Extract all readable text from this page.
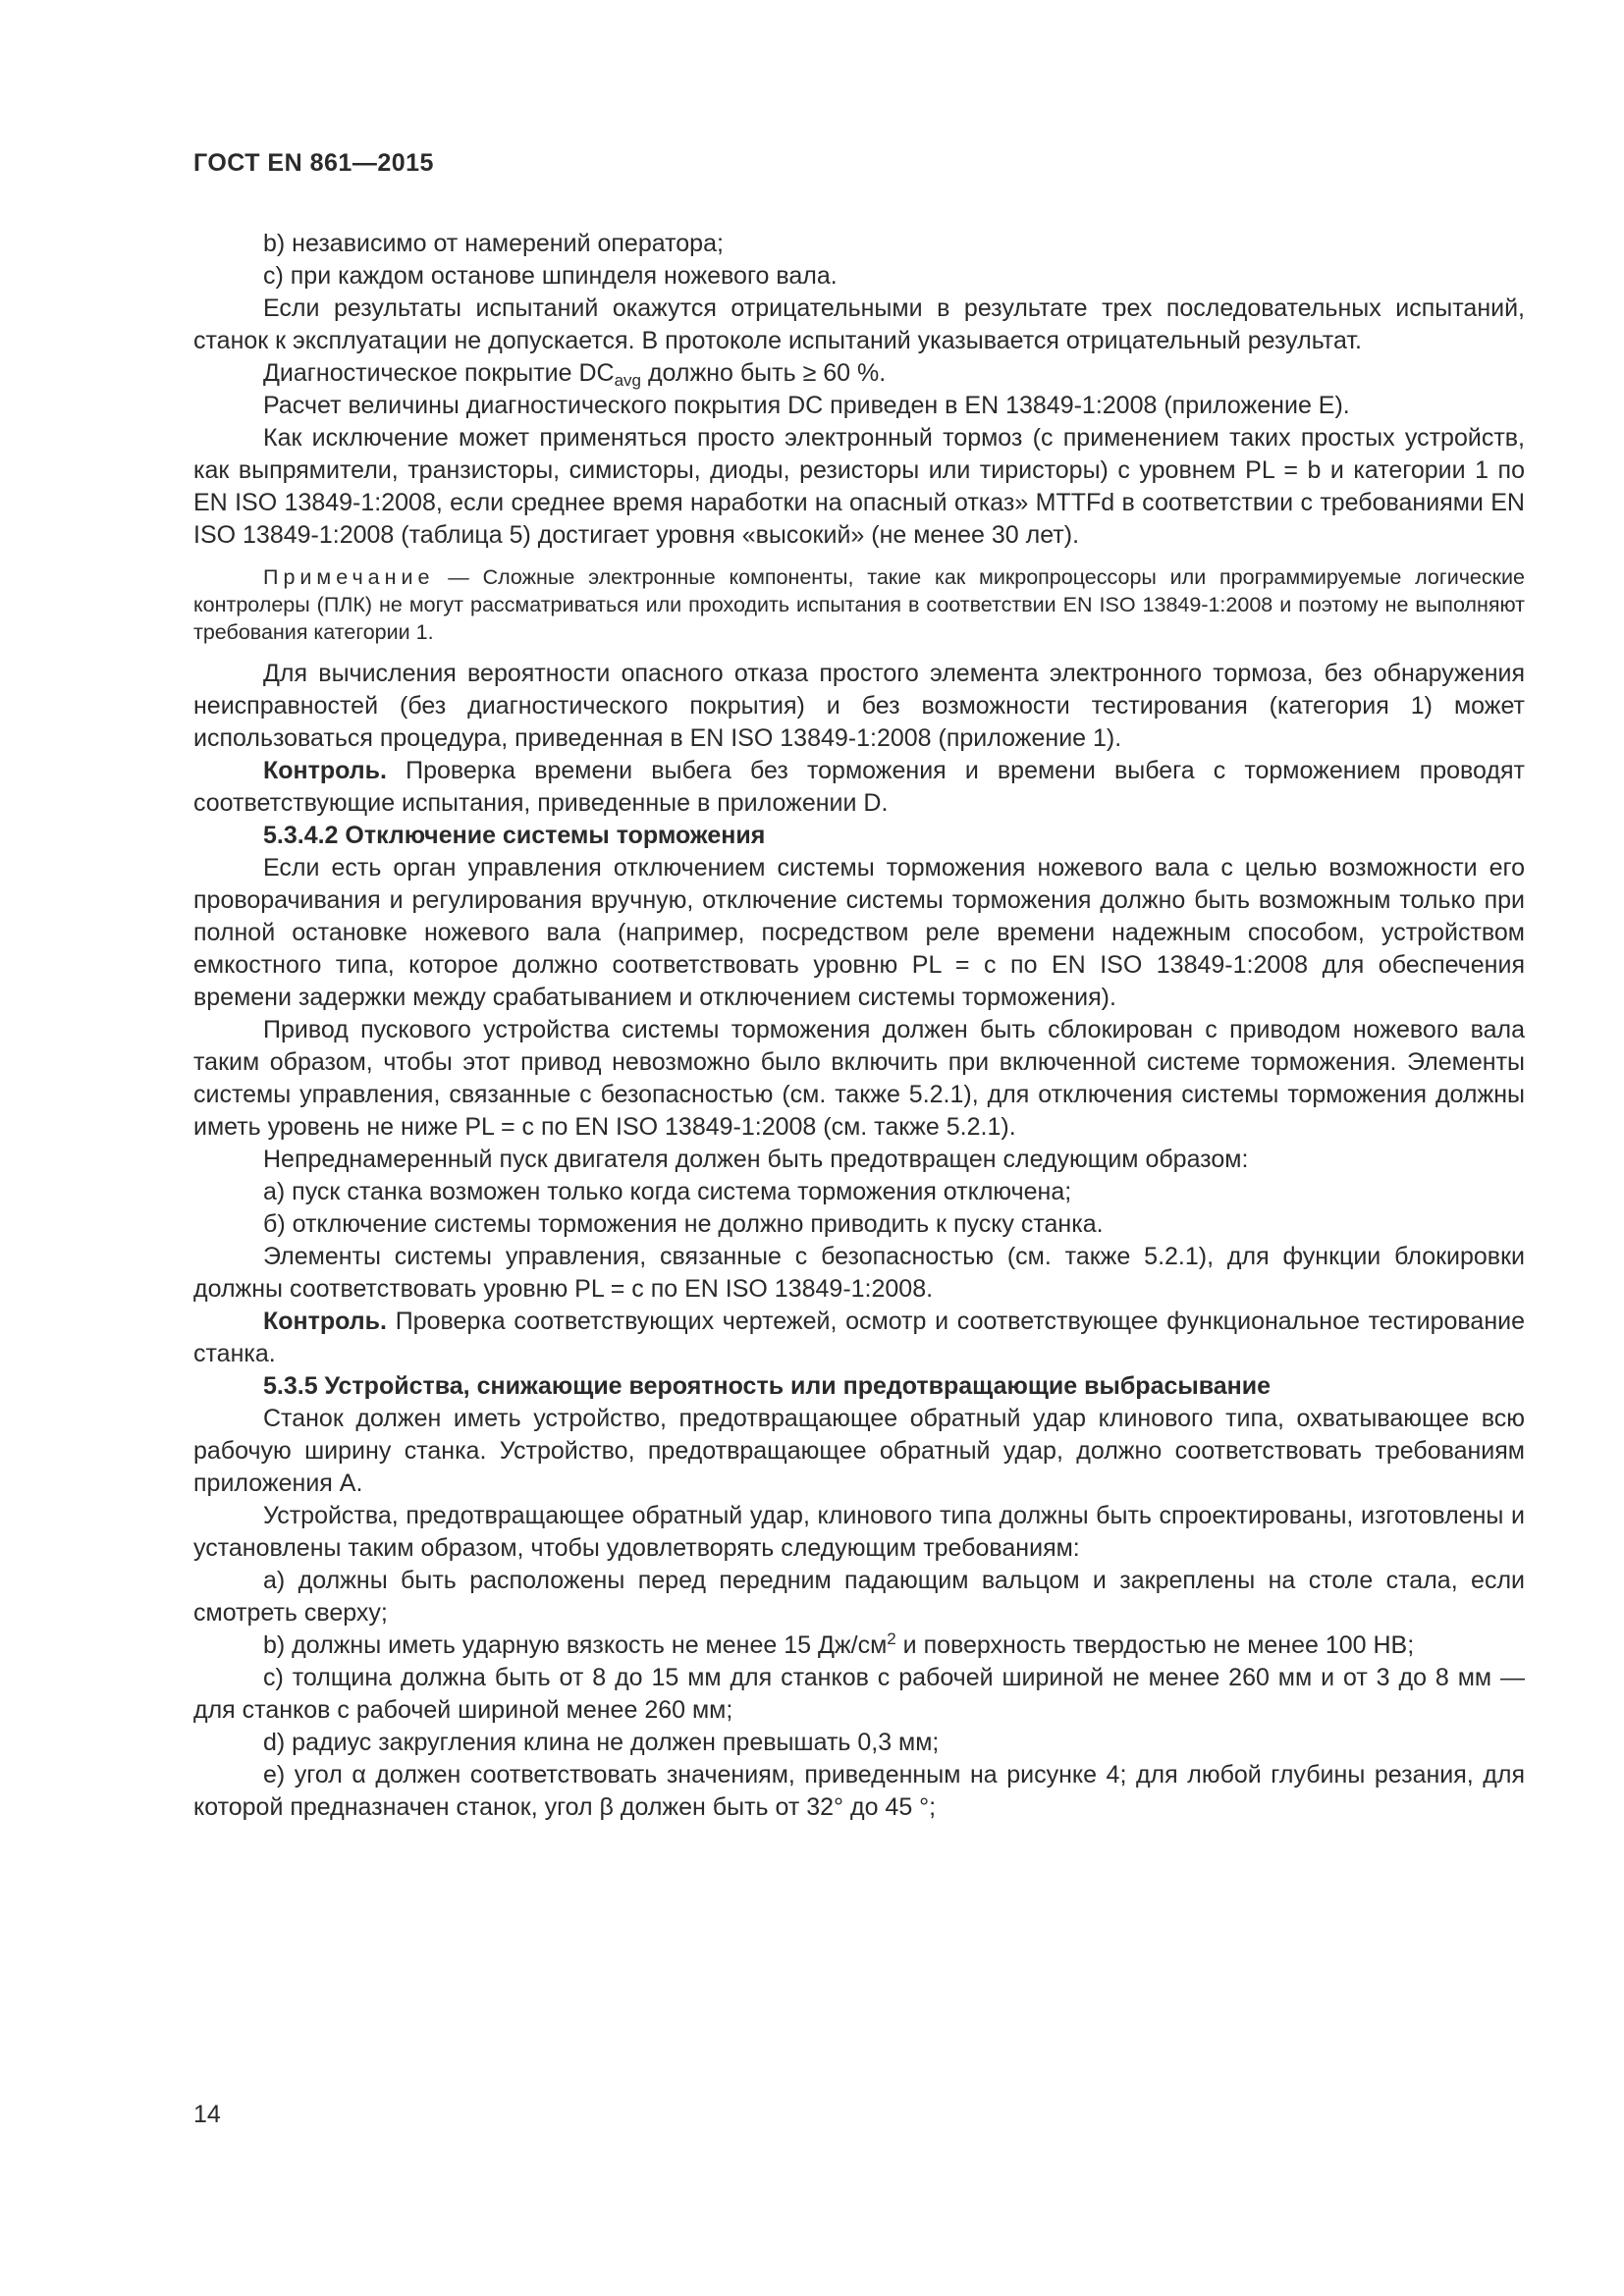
ГОСТ EN 861—2015

b) независимо от намерений оператора;

c) при каждом останове шпинделя ножевого вала.

Если результаты испытаний окажутся отрицательными в результате трех последовательных испытаний, станок к эксплуатации не допускается. В протоколе испытаний указывается отрицательный результат.

Диагностическое покрытие $DC_{avg}$ должно быть ≥ 60 %.

Расчет величины диагностического покрытия DC приведен в EN 13849-1:2008 (приложение E).

Как исключение может применяться просто электронный тормоз (с применением таких простых устройств, как выпрямители, транзисторы, симисторы, диоды, резисторы или тиристоры) с уровнем PL = b и категории 1 по EN ISO 13849-1:2008, если среднее время наработки на опасный отказ» MTTFd в соответствии с требованиями EN ISO 13849-1:2008 (таблица 5) достигает уровня «высокий» (не менее 30 лет).

Примечание — Сложные электронные компоненты, такие как микропроцессоры или программируемые логические контролеры (ПЛК) не могут рассматриваться или проходить испытания в соответствии EN ISO 13849-1:2008 и поэтому не выполняют требования категории 1.

Для вычисления вероятности опасного отказа простого элемента электронного тормоза, без обнаружения неисправностей (без диагностического покрытия) и без возможности тестирования (категория 1) может использоваться процедура, приведенная в EN ISO 13849-1:2008 (приложение 1).

Контроль. Проверка времени выбега без торможения и времени выбега с торможением проводят соответствующие испытания, приведенные в приложении D.

5.3.4.2 Отключение системы торможения

Если есть орган управления отключением системы торможения ножевого вала с целью возможности его проворачивания и регулирования вручную, отключение системы торможения должно быть возможным только при полной остановке ножевого вала (например, посредством реле времени надежным способом, устройством емкостного типа, которое должно соответствовать уровню PL = c по EN ISO 13849-1:2008 для обеспечения времени задержки между срабатыванием и отключением системы торможения).

Привод пускового устройства системы торможения должен быть сблокирован с приводом ножевого вала таким образом, чтобы этот привод невозможно было включить при включенной системе торможения. Элементы системы управления, связанные с безопасностью (см. также 5.2.1), для отключения системы торможения должны иметь уровень не ниже PL = c по EN ISO 13849-1:2008 (см. также 5.2.1).

Непреднамеренный пуск двигателя должен быть предотвращен следующим образом:

а) пуск станка возможен только когда система торможения отключена;

б) отключение системы торможения не должно приводить к пуску станка.

Элементы системы управления, связанные с безопасностью (см. также 5.2.1), для функции блокировки должны соответствовать уровню PL = c по EN ISO 13849-1:2008.

Контроль. Проверка соответствующих чертежей, осмотр и соответствующее функциональное тестирование станка.

5.3.5 Устройства, снижающие вероятность или предотвращающие выбрасывание

Станок должен иметь устройство, предотвращающее обратный удар клинового типа, охватывающее всю рабочую ширину станка. Устройство, предотвращающее обратный удар, должно соответствовать требованиям приложения A.

Устройства, предотвращающее обратный удар, клинового типа должны быть спроектированы, изготовлены и установлены таким образом, чтобы удовлетворять следующим требованиям:

a) должны быть расположены перед передним падающим вальцом и закреплены на столе стала, если смотреть сверху;

b) должны иметь ударную вязкость не менее 15 $Дж/см^2$ и поверхность твердостью не менее 100 HB;

c) толщина должна быть от 8 до 15 мм для станков с рабочей шириной не менее 260 мм и от 3 до 8 мм — для станков с рабочей шириной менее 260 мм;

d) радиус закругления клина не должен превышать 0,3 мм;

e) угол α должен соответствовать значениям, приведенным на рисунке 4; для любой глубины резания, для которой предназначен станок, угол β должен быть от 32° до 45 °;

14
